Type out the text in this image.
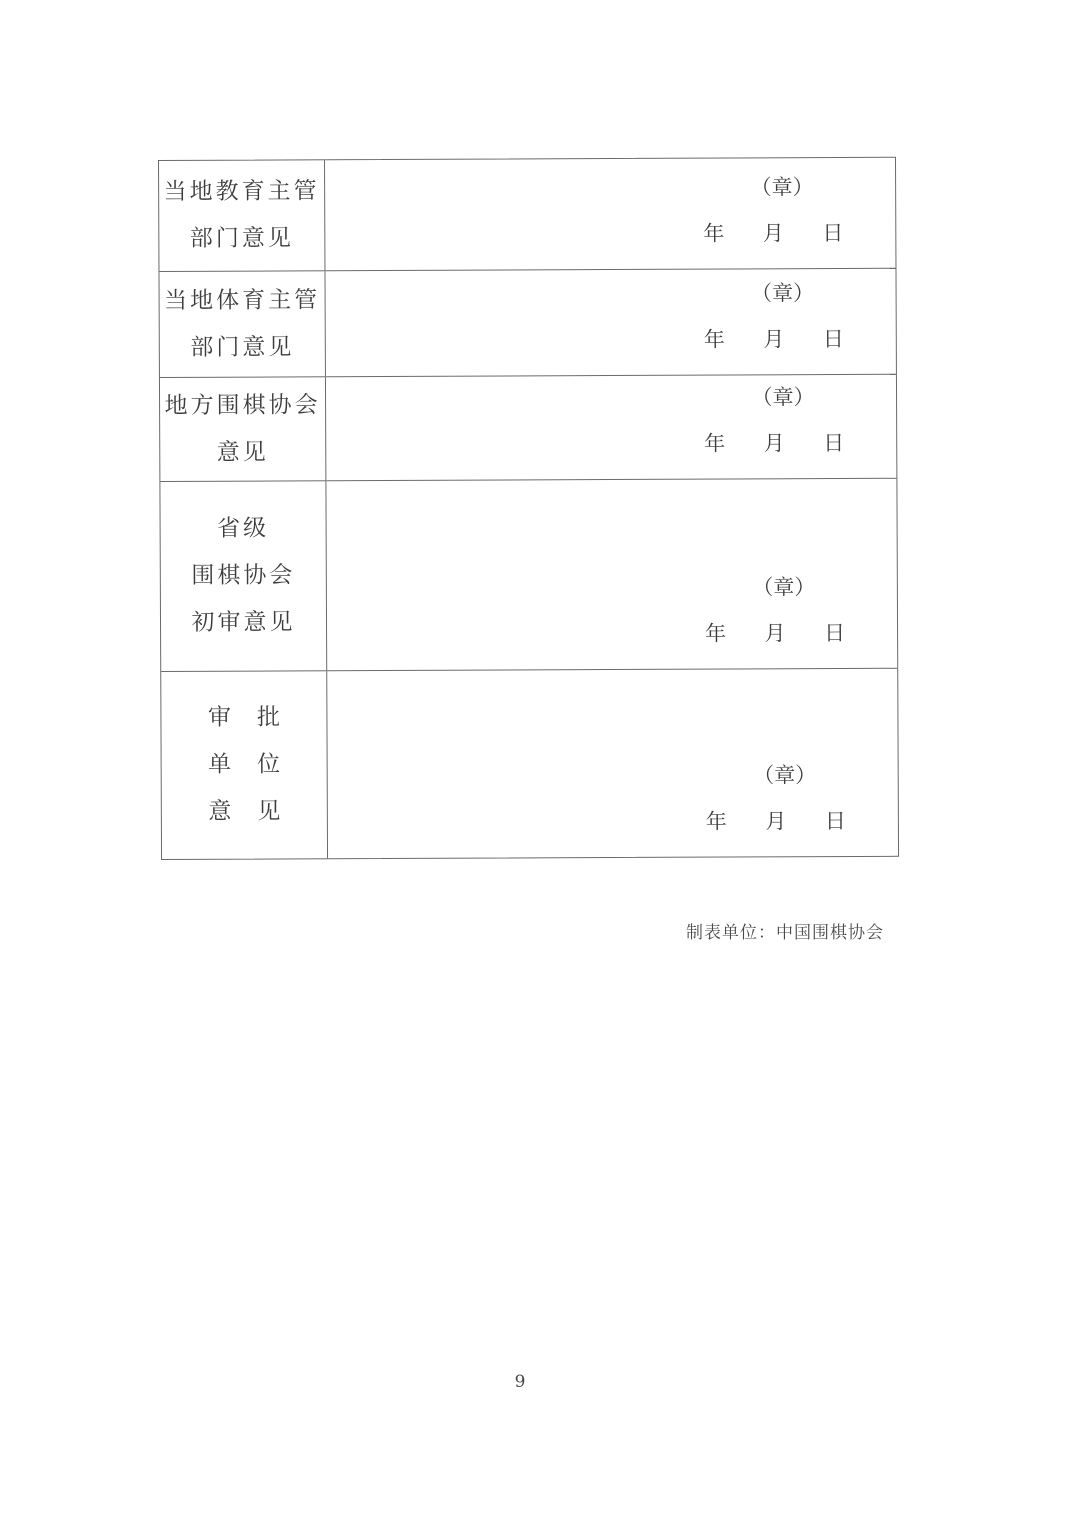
当地教育主管
部门意见
（章）
年 月 日
当地体育主管
部门意见
（章）
年 月 日
地方围棋协会
意见
（章）
年 月 日
省级
围棋协会
初审意见
（章）
年 月 日
审批
单位
意见
（章）
年 月 日
制表单位：中国围棋协会
9
